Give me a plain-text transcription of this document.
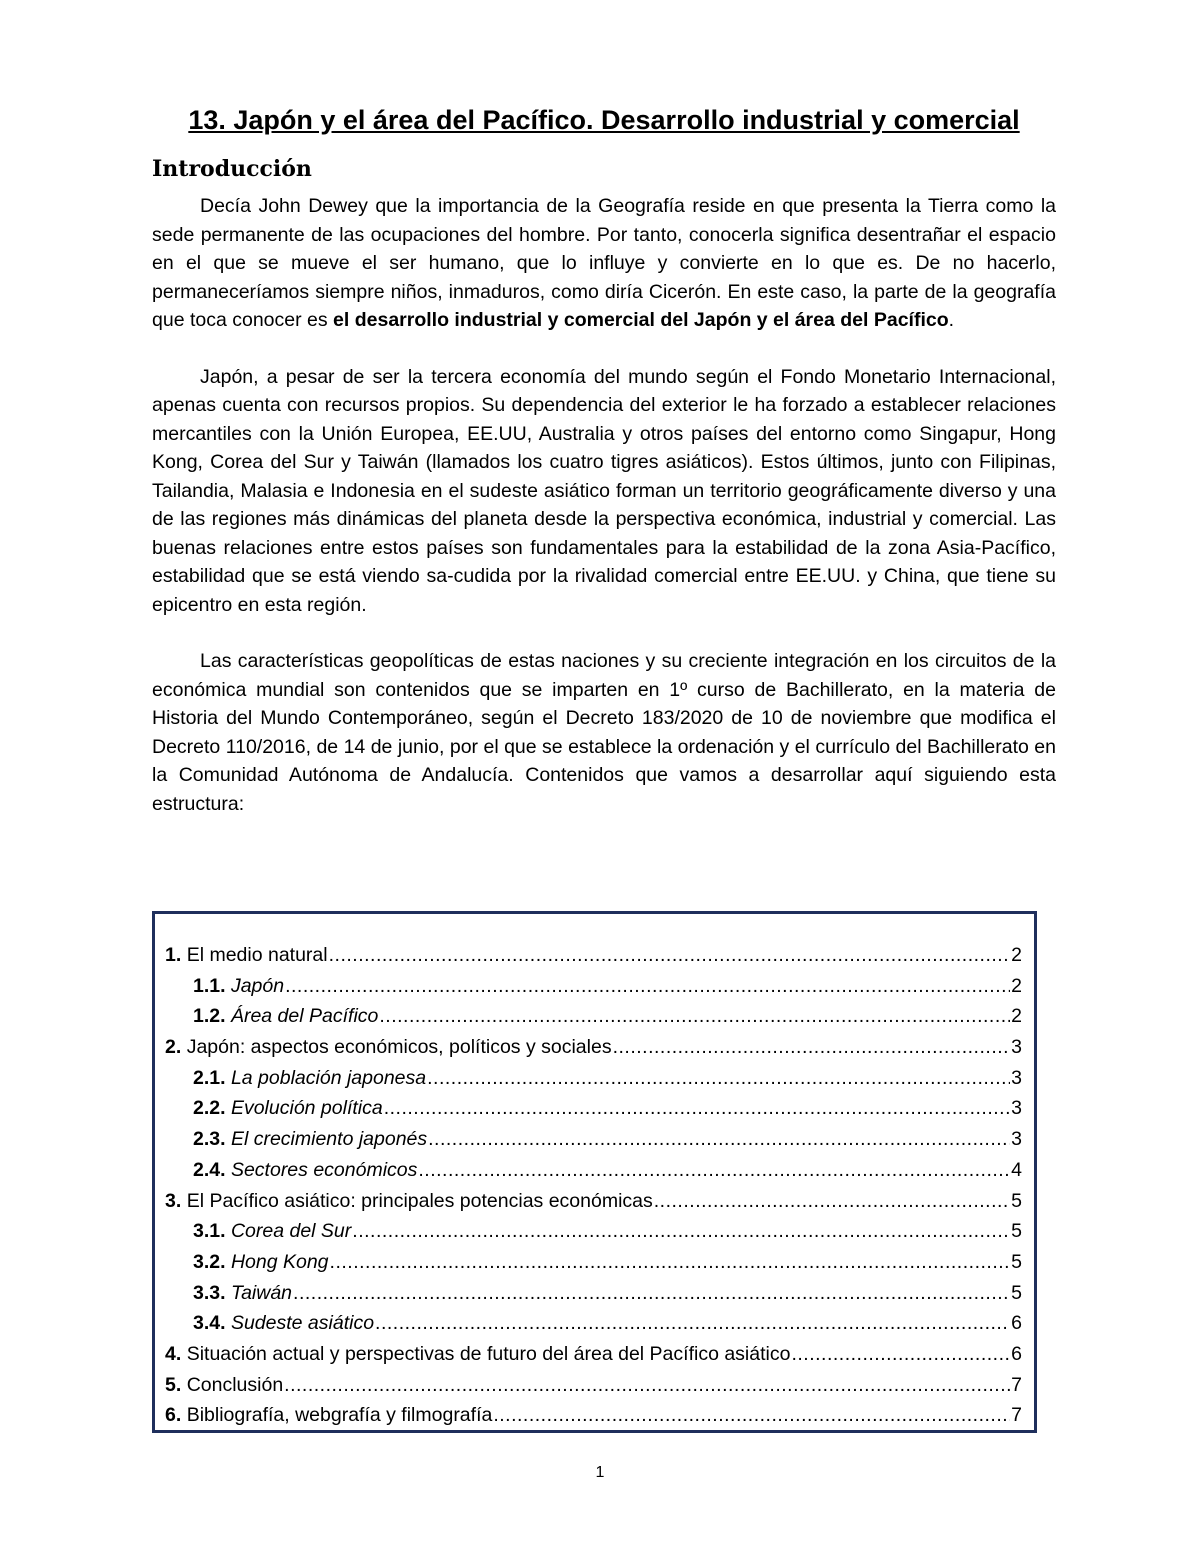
13. Japón y el área del Pacífico. Desarrollo industrial y comercial
Introducción

Decía John Dewey que la importancia de la Geografía reside en que presenta la Tierra como la sede permanente de las ocupaciones del hombre. Por tanto, conocerla significa desentrañar el espacio en el que se mueve el ser humano, que lo influye y convierte en lo que es. De no hacerlo, permaneceríamos siempre niños, inmaduros, como diría Cicerón. En este caso, la parte de la geografía que toca conocer es el desarrollo industrial y comercial del Japón y el área del Pacífico.

Japón, a pesar de ser la tercera economía del mundo según el Fondo Monetario Internacional, apenas cuenta con recursos propios. Su dependencia del exterior le ha forzado a establecer relaciones mercantiles con la Unión Europea, EE.UU, Australia y otros países del entorno como Singapur, Hong Kong, Corea del Sur y Taiwán (llamados los cuatro tigres asiáticos). Estos últimos, junto con Filipinas, Tailandia, Malasia e Indonesia en el sudeste asiático forman un territorio geográficamente diverso y una de las regiones más dinámicas del planeta desde la perspectiva económica, industrial y comercial. Las buenas relaciones entre estos países son fundamentales para la estabilidad de la zona Asia-Pacífico, estabilidad que se está viendo sa-cudida por la rivalidad comercial entre EE.UU. y China, que tiene su epicentro en esta región.

Las características geopolíticas de estas naciones y su creciente integración en los circuitos de la económica mundial son contenidos que se imparten en 1º curso de Bachillerato, en la materia de Historia del Mundo Contemporáneo, según el Decreto 183/2020 de 10 de noviembre que modifica el Decreto 110/2016, de 14 de junio, por el que se establece la ordenación y el currículo del Bachillerato en la Comunidad Autónoma de Andalucía. Contenidos que vamos a desarrollar aquí siguiendo esta estructura:

1. El medio natural .....	2
1.1. Japón .....	2
1.2. Área del Pacífico .....	2
2. Japón: aspectos económicos, políticos y sociales .....	3
2.1. La población japonesa .....	3
2.2. Evolución política .....	3
2.3. El crecimiento japonés .....	3
2.4. Sectores económicos .....	4
3. El Pacífico asiático: principales potencias económicas .....	5
3.1. Corea del Sur .....	5
3.2. Hong Kong .....	5
3.3. Taiwán .....	5
3.4. Sudeste asiático .....	6
4. Situación actual y perspectivas de futuro del área del Pacífico asiático .....	6
5. Conclusión .....	7
6. Bibliografía, webgrafía y filmografía .....	7
1
